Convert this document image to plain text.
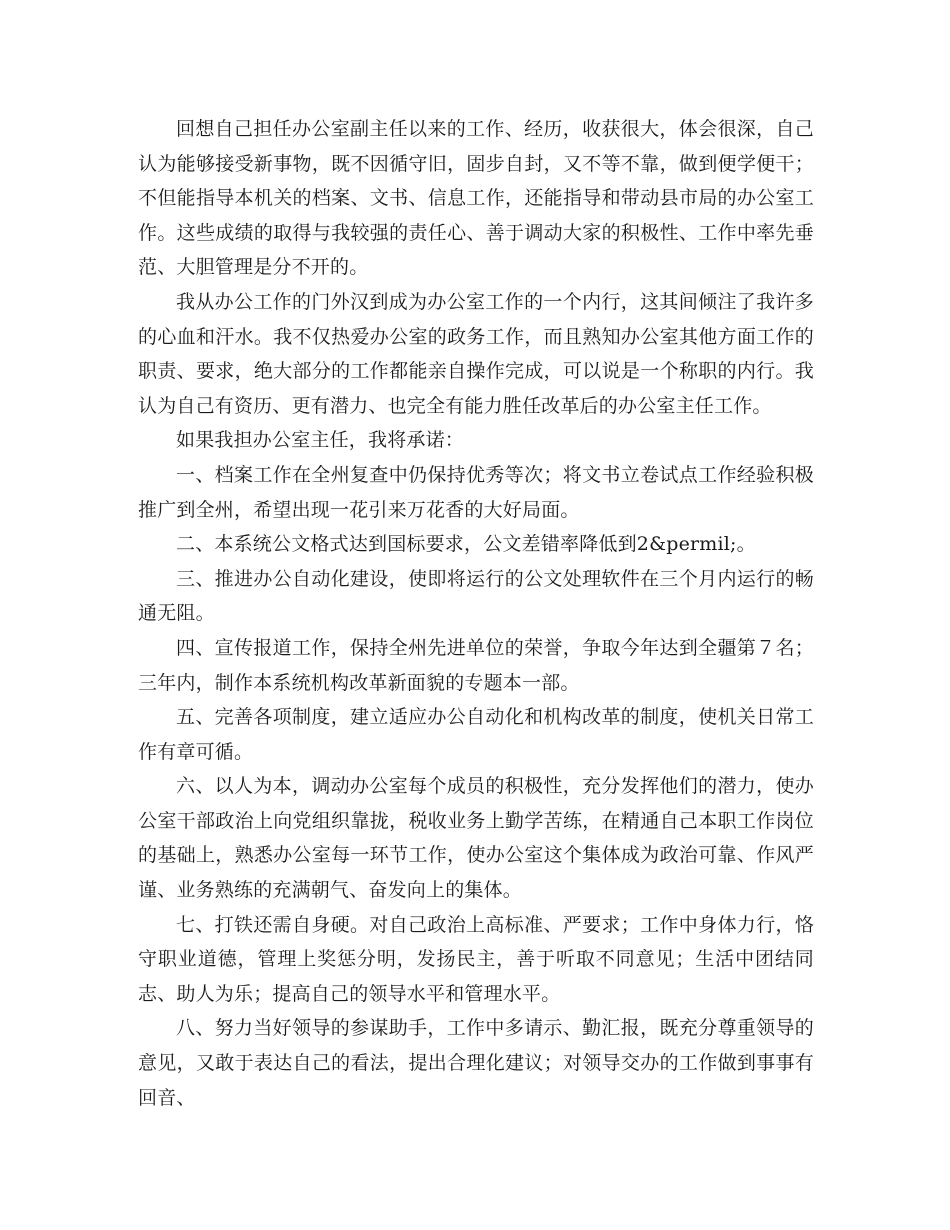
回想自己担任办公室副主任以来的工作、经历，收获很大，体会很深，自己认为能够接受新事物，既不因循守旧，固步自封，又不等不靠，做到便学便干；不但能指导本机关的档案、文书、信息工作，还能指导和带动县市局的办公室工作。这些成绩的取得与我较强的责任心、善于调动大家的积极性、工作中率先垂范、大胆管理是分不开的。

我从办公工作的门外汉到成为办公室工作的一个内行，这其间倾注了我许多的心血和汗水。我不仅热爱办公室的政务工作，而且熟知办公室其他方面工作的职责、要求，绝大部分的工作都能亲自操作完成，可以说是一个称职的内行。我认为自己有资历、更有潜力、也完全有能力胜任改革后的办公室主任工作。

如果我担办公室主任，我将承诺：

一、档案工作在全州复查中仍保持优秀等次；将文书立卷试点工作经验积极推广到全州，希望出现一花引来万花香的大好局面。

二、本系统公文格式达到国标要求，公文差错率降低到2&permil;。

三、推进办公自动化建设，使即将运行的公文处理软件在三个月内运行的畅通无阻。

四、宣传报道工作，保持全州先进单位的荣誉，争取今年达到全疆第７名；三年内，制作本系统机构改革新面貌的专题本一部。

五、完善各项制度，建立适应办公自动化和机构改革的制度，使机关日常工作有章可循。

六、以人为本，调动办公室每个成员的积极性，充分发挥他们的潜力，使办公室干部政治上向党组织靠拢，税收业务上勤学苦练，在精通自己本职工作岗位的基础上，熟悉办公室每一环节工作，使办公室这个集体成为政治可靠、作风严谨、业务熟练的充满朝气、奋发向上的集体。

七、打铁还需自身硬。对自己政治上高标准、严要求；工作中身体力行，恪守职业道德，管理上奖惩分明，发扬民主，善于听取不同意见；生活中团结同志、助人为乐；提高自己的领导水平和管理水平。

八、努力当好领导的参谋助手，工作中多请示、勤汇报，既充分尊重领导的意见，又敢于表达自己的看法，提出合理化建议；对领导交办的工作做到事事有回音、
